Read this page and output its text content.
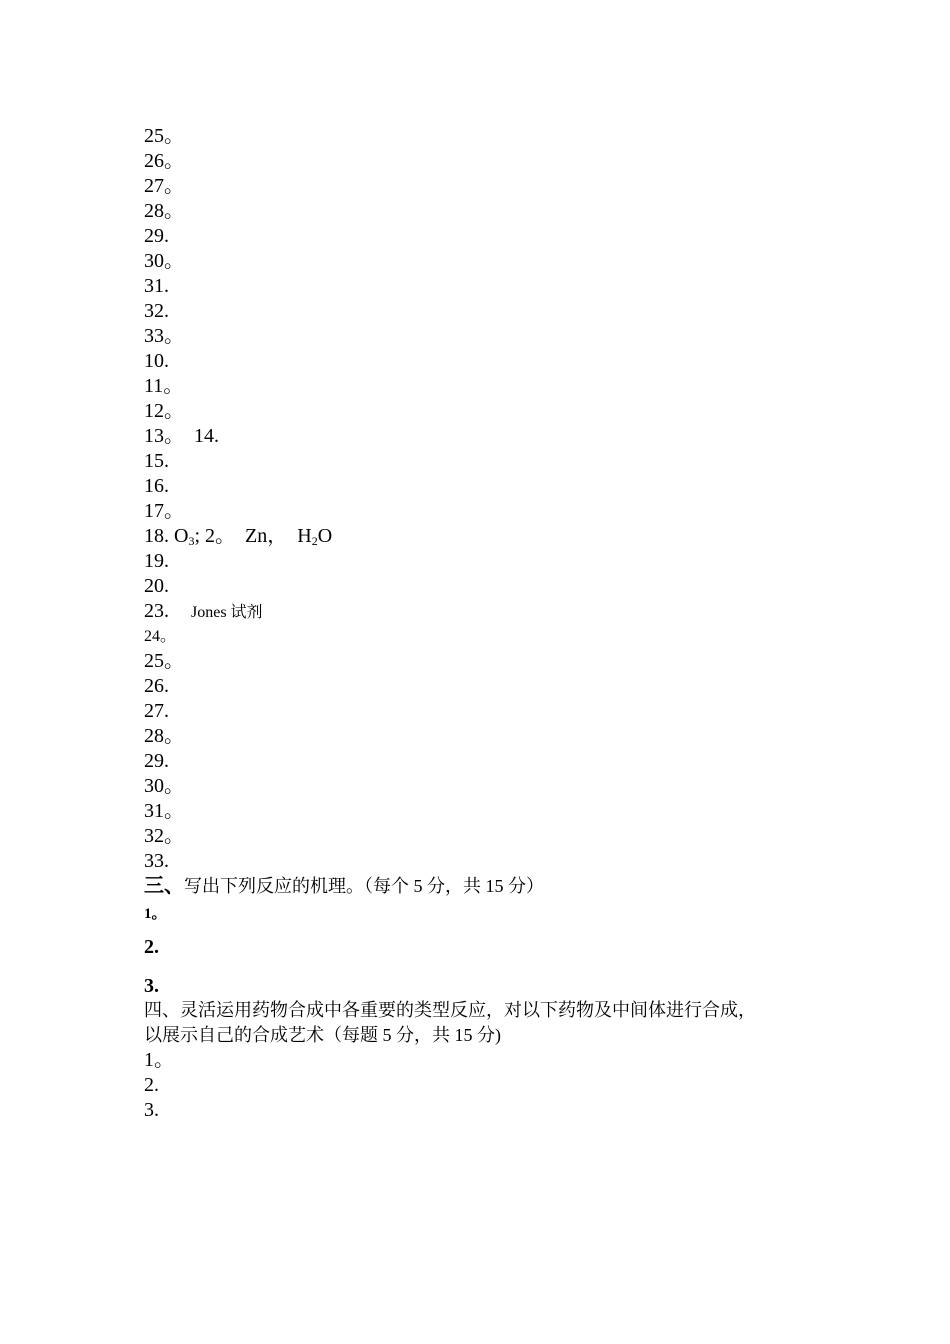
25。
26。
27。
28。
29.
30。
31.
32.
33。
10.
11。
12。
13。 14.
15.
16.
17。
18. $O_3$; 2。 Zn， $H_2O$
19.
20.
23. Jones 试剂
24。
25。
26.
27.
28。
29.
30。
31。
32。
33.
三、写出下列反应的机理。（每个 5 分，共 15 分）
1。
2.
3.
四、灵活运用药物合成中各重要的类型反应，对以下药物及中间体进行合成，
以展示自己的合成艺术（每题 5 分，共 15 分)
1。
2.
3.
